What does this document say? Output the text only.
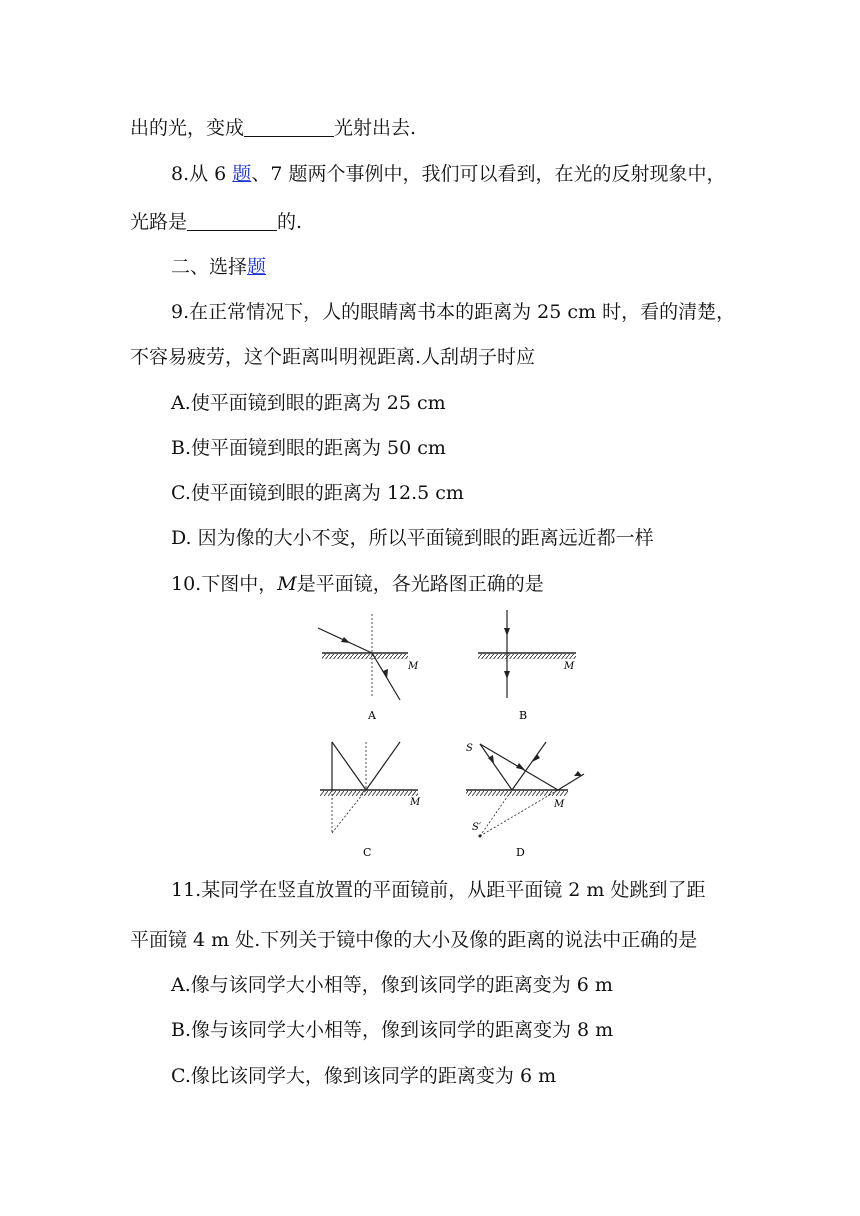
出的光，变成	光射出去.
8.从 6 题、7 题两个事例中，我们可以看到，在光的反射现象中，
光路是	的.
二、选择题
9.在正常情况下，人的眼睛离书本的距离为 25 cm 时，看的清楚，
不容易疲劳，这个距离叫明视距离.人刮胡子时应
A.使平面镜到眼的距离为 25 cm
B.使平面镜到眼的距离为 50 cm
C.使平面镜到眼的距离为 12.5 cm
D. 因为像的大小不变，所以平面镜到眼的距离远近都一样
10.下图中，M是平面镜，各光路图正确的是
M
A
M
B
M
C
S
S′
M
D
11.某同学在竖直放置的平面镜前，从距平面镜 2 m 处跳到了距
平面镜 4 m 处.下列关于镜中像的大小及像的距离的说法中正确的是
A.像与该同学大小相等，像到该同学的距离变为 6 m
B.像与该同学大小相等，像到该同学的距离变为 8 m
C.像比该同学大，像到该同学的距离变为 6 m
